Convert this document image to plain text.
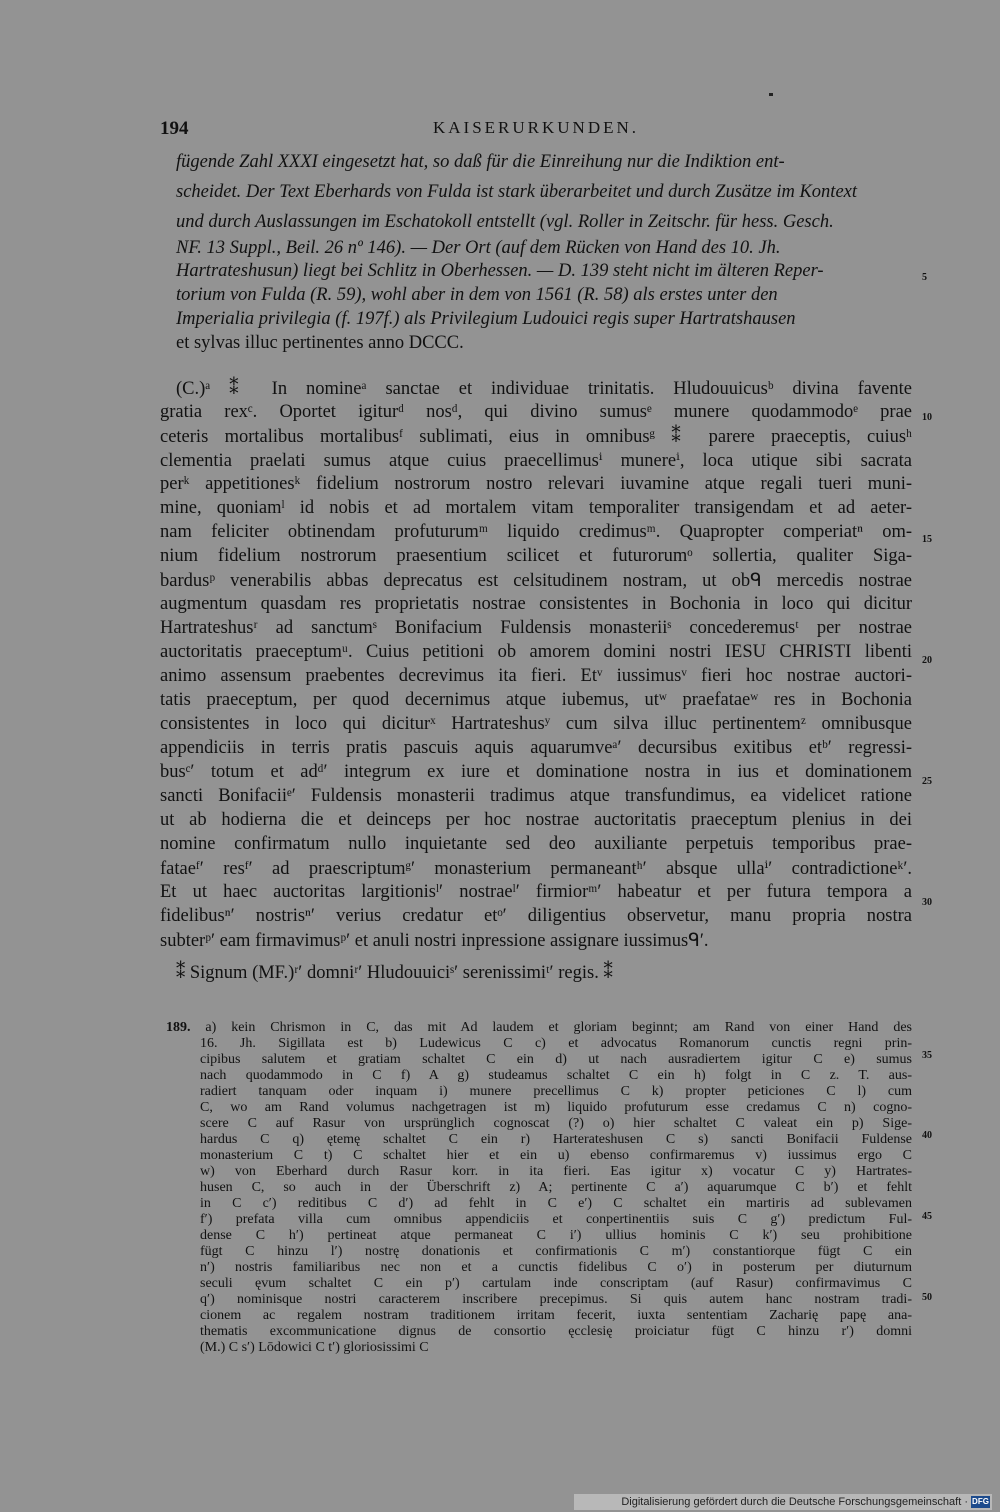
194	KAISERURKUNDEN.
fügende Zahl XXXI eingesetzt hat, so daß für die Einreihung nur die Indiktion ent-
scheidet. Der Text Eberhards von Fulda ist stark überarbeitet und durch Zusätze im Kontext
und durch Auslassungen im Eschatokoll entstellt (vgl. Roller in Zeitschr. für hess. Gesch.
NF. 13 Suppl., Beil. 26 nº 146). — Der Ort (auf dem Rücken von Hand des 10. Jh.
Hartrateshusun) liegt bei Schlitz in Oberhessen. — D. 139 steht nicht im älteren Reper-
torium von Fulda (R. 59), wohl aber in dem von 1561 (R. 58) als erstes unter den
Imperialia privilegia (f. 197f.) als Privilegium Ludouici regis super Hartratshausen
et sylvas illuc pertinentes anno DCCC.
(C.)ᵃ ⁑ In nomineᵃ sanctae et individuae trinitatis. Hludouuicusᵇ divina favente
gratia rexᶜ. Oportet igiturᵈ nosᵈ, qui divino sumusᵉ munere quodammodoᵉ prae
ceteris mortalibus mortalibusᶠ sublimati, eius in omnibusᵍ ⁑ parere praeceptis, cuiusʰ
clementia praelati sumus atque cuius praecellimusⁱ munereⁱ, loca utique sibi sacrata
perᵏ appetitionesᵏ fidelium nostrorum nostro relevari iuvamine atque regali tueri muni-
mine, quoniamˡ id nobis et ad mortalem vitam temporaliter transigendam et ad aeter-
nam feliciter obtinendam profuturumᵐ liquido credimusᵐ. Quapropter comperiatⁿ om-
nium fidelium nostrorum praesentium scilicet et futurorumᵒ sollertia, qualiter Siga-
bardusᵖ venerabilis abbas deprecatus est celsitudinem nostram, ut obᑫ mercedis nostrae
augmentum quasdam res proprietatis nostrae consistentes in Bochonia in loco qui dicitur
Hartrateshusʳ ad sanctumˢ Bonifacium Fuldensis monasteriiˢ concederemusᵗ per nostrae
auctoritatis praeceptumᵘ. Cuius petitioni ob amorem domini nostri IESU CHRISTI libenti
animo assensum praebentes decrevimus ita fieri. Etᵛ iussimusᵛ fieri hoc nostrae auctori-
tatis praeceptum, per quod decernimus atque iubemus, utʷ praefataeʷ res in Bochonia
consistentes in loco qui diciturˣ Hartrateshusʸ cum silva illuc pertinentemᶻ omnibusque
appendiciis in terris pratis pascuis aquis aquarumveᵃ′ decursibus exitibus etᵇ′ regressi-
busᶜ′ totum et adᵈ′ integrum ex iure et dominatione nostra in ius et dominationem
sancti Bonifaciiᵉ′ Fuldensis monasterii tradimus atque transfundimus, ea videlicet ratione
ut ab hodierna die et deinceps per hoc nostrae auctoritatis praeceptum plenius in dei
nomine confirmatum nullo inquietante sed deo auxiliante perpetuis temporibus prae-
fataeᶠ′ resᶠ′ ad praescriptumᵍ′ monasterium permaneantʰ′ absque ullaⁱ′ contradictioneᵏ′.
Et ut haec auctoritas largitionisˡ′ nostraeˡ′ firmiorᵐ′ habeatur et per futura tempora a
fidelibusⁿ′ nostrisⁿ′ verius credatur etᵒ′ diligentius observetur, manu propria nostra
subterᵖ′ eam firmavimusᵖ′ et anuli nostri inpressione assignare iussimusᑫ′.
⁑ Signum (MF.)ʳ′ domniʳ′ Hludouuiciˢ′ serenissimiᵗ′ regis. ⁑
189. a) kein Chrismon in C, das mit Ad laudem et gloriam beginnt; am Rand von einer Hand des
16. Jh. Sigillata est b) Ludewicus C c) et advocatus Romanorum cunctis regni prin-
cipibus salutem et gratiam schaltet C ein d) ut nach ausradiertem igitur C e) sumus
nach quodammodo in C f) A g) studeamus schaltet C ein h) folgt in C z. T. aus-
radiert tanquam oder inquam i) munere precellimus C k) propter peticiones C l) cum
C, wo am Rand volumus nachgetragen ist m) liquido profuturum esse credamus C n) cogno-
scere C auf Rasur von ursprünglich cognoscat (?) o) hier schaltet C valeat ein p) Sige-
hardus C q) ętemę schaltet C ein r) Harterateshusen C s) sancti Bonifacii Fuldense
monasterium C t) C schaltet hier et ein u) ebenso confirmaremus v) iussimus ergo C
w) von Eberhard durch Rasur korr. in ita fieri. Eas igitur x) vocatur C y) Hartrates-
husen C, so auch in der Überschrift z) A; pertinente C a′) aquarumque C b′) et fehlt
in C c′) reditibus C d′) ad fehlt in C e′) C schaltet ein martiris ad sublevamen
f′) prefata villa cum omnibus appendiciis et conpertinentiis suis C g′) predictum Ful-
dense C h′) pertineat atque permaneat C i′) ullius hominis C k′) seu prohibitione
fügt C hinzu l′) nostrę donationis et confirmationis C m′) constantiorque fügt C ein
n′) nostris familiaribus nec non et a cunctis fidelibus C o′) in posterum per diuturnum
seculi ęvum schaltet C ein p′) cartulam inde conscriptam (auf Rasur) confirmavimus C
q′) nominisque nostri caracterem inscribere precepimus. Si quis autem hanc nostram tradi-
cionem ac regalem nostram traditionem irritam fecerit, iuxta sententiam Zacharię papę ana-
thematis excommunicatione dignus de consortio ęcclesię proiciatur fügt C hinzu r′) domni
(M.) C s′) Lōdowici C t′) gloriosissimi C
5
10
15
20
25
30
35
40
45
50
Digitalisierung gefördert durch die Deutsche Forschungsgemeinschaft · DFG
